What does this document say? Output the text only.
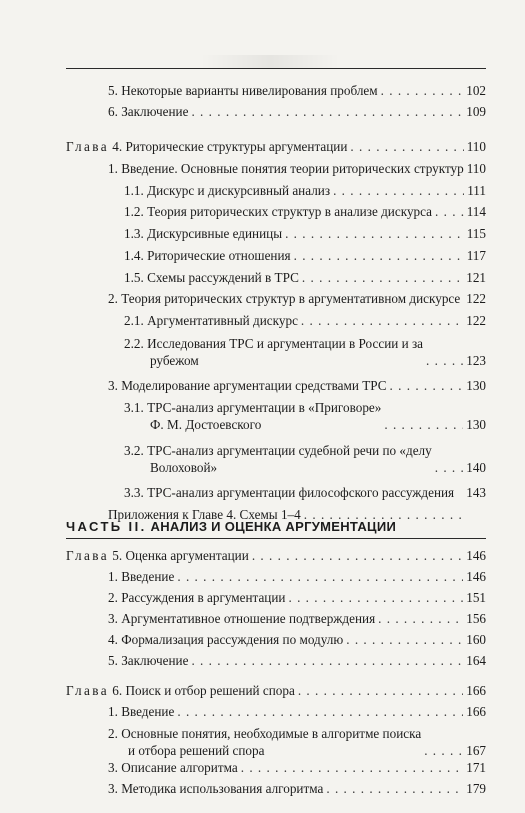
5. Некоторые варианты нивелирования проблем . . .	102
6. Заключение . . .	109
Глава 4. Риторические структуры аргументации . . .	110
1. Введение. Основные понятия теории риторических структур 110
1.1. Дискурс и дискурсивный анализ . . .	111
1.2. Теория риторических структур в анализе дискурса . . .	114
1.3. Дискурсивные единицы . . .	115
1.4. Риторические отношения . . .	117
1.5. Схемы рассуждений в ТРС . . .	121
2. Теория риторических структур в аргументативном дискурсе 122
2.1. Аргументативный дискурс . . .	122
2.2. Исследования ТРС и аргументации в России и за
рубежом . . .	123
3. Моделирование аргументации средствами ТРС . . .	130
3.1. ТРС-анализ аргументации в «Приговоре»
Ф. М. Достоевского . . .	130
3.2. ТРС-анализ аргументации судебной речи по «делу
Волоховой» . . .	140
3.3. ТРС-анализ аргументации философского рассуждения 143
Приложения к Главе 4. Схемы 1–4
. . .
ЧАСТЬ II. АНАЛИЗ И ОЦЕНКА АРГУМЕНТАЦИИ
Глава 5. Оценка аргументации . . .	146
1. Введение . . .	146
2. Рассуждения в аргументации . . .	151
3. Аргументативное отношение подтверждения . . .	156
4. Формализация рассуждения по модулю . . .	160
5. Заключение . . .	164
Глава 6. Поиск и отбор решений спора . . .	166
1. Введение . . .	166
2. Основные понятия, необходимые в алгоритме поиска
и отбора решений спора . . .	167
3. Описание алгоритма . . .	171
3. Методика использования алгоритма . . .	179
